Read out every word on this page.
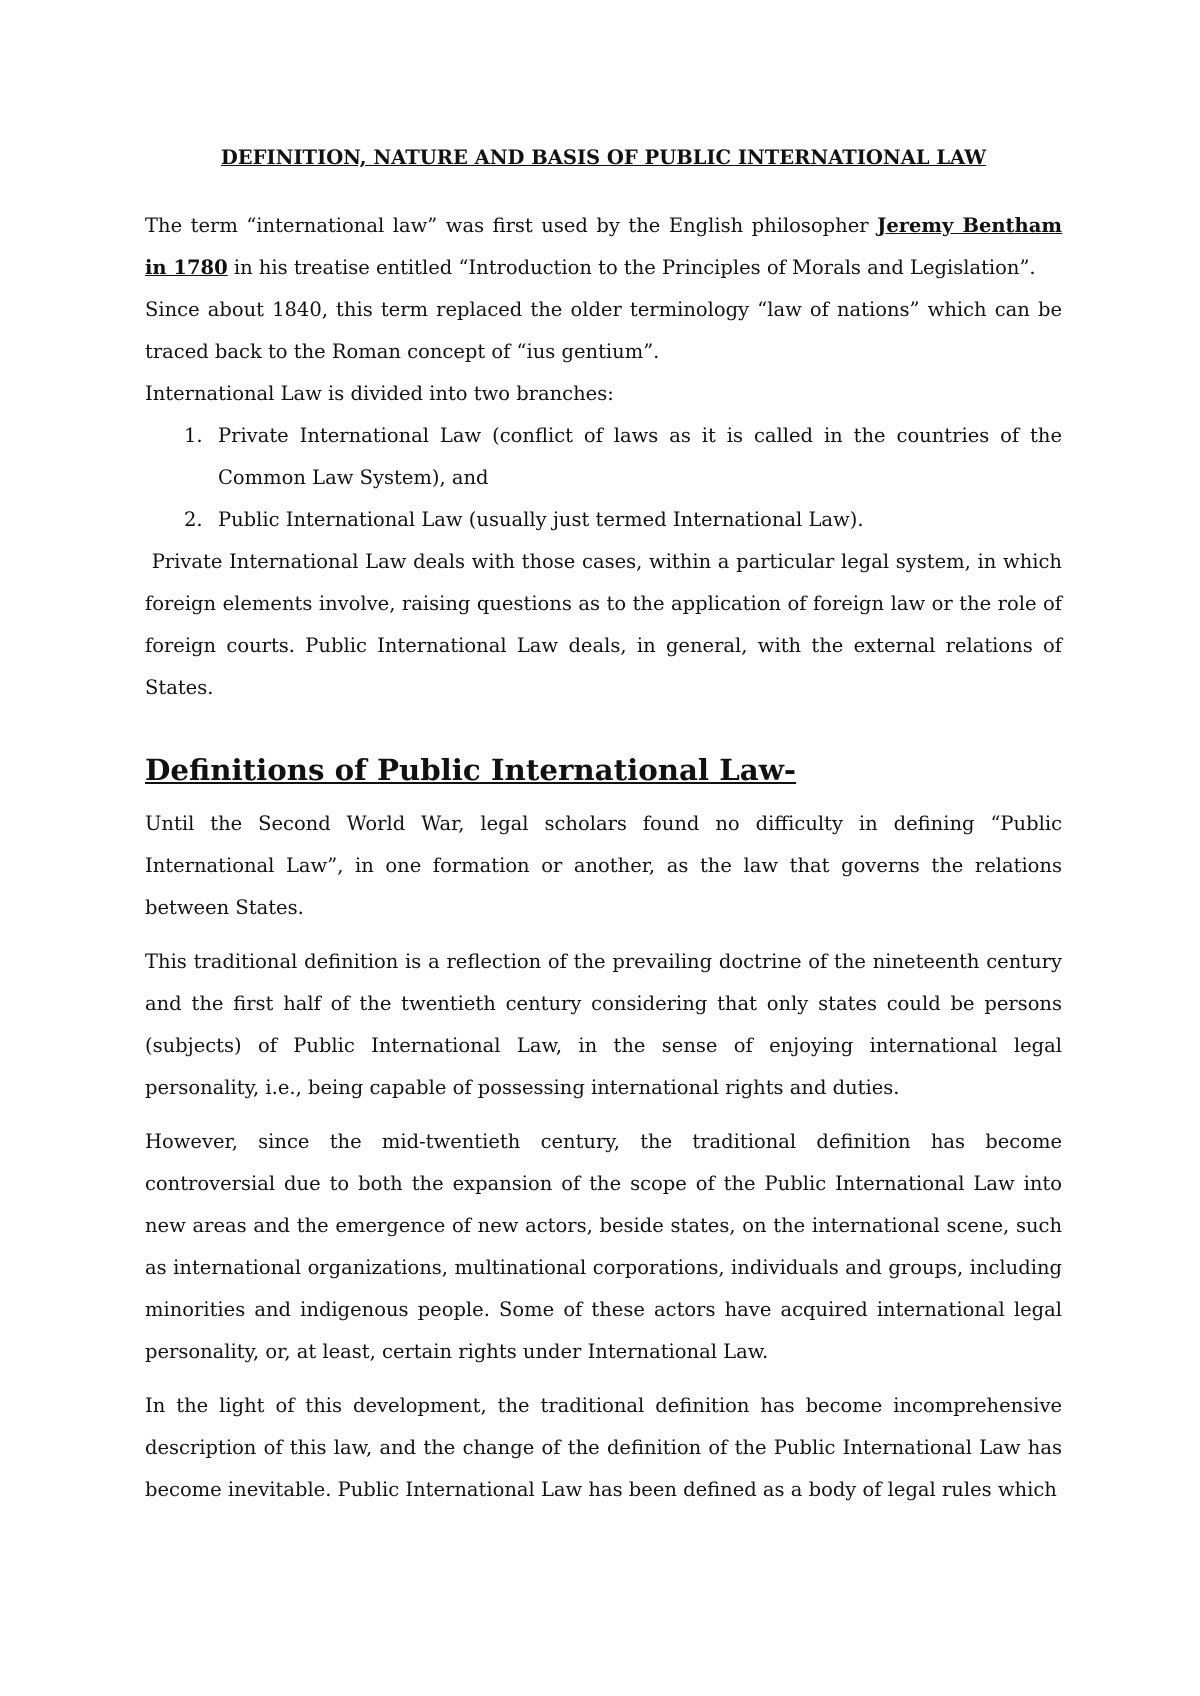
DEFINITION, NATURE AND BASIS OF PUBLIC INTERNATIONAL LAW

The term “international law” was first used by the English philosopher Jeremy Bentham in 1780 in his treatise entitled “Introduction to the Principles of Morals and Legislation”.

Since about 1840, this term replaced the older terminology “law of nations” which can be traced back to the Roman concept of “ius gentium”.

International Law is divided into two branches:

1. Private International Law (conflict of laws as it is called in the countries of the Common Law System), and
2. Public International Law (usually just termed International Law).

Private International Law deals with those cases, within a particular legal system, in which foreign elements involve, raising questions as to the application of foreign law or the role of foreign courts. Public International Law deals, in general, with the external relations of States.

Definitions of Public International Law-

Until the Second World War, legal scholars found no difficulty in defining “Public International Law”, in one formation or another, as the law that governs the relations between States.

This traditional definition is a reflection of the prevailing doctrine of the nineteenth century and the first half of the twentieth century considering that only states could be persons (subjects) of Public International Law, in the sense of enjoying international legal personality, i.e., being capable of possessing international rights and duties.

However, since the mid-twentieth century, the traditional definition has become controversial due to both the expansion of the scope of the Public International Law into new areas and the emergence of new actors, beside states, on the international scene, such as international organizations, multinational corporations, individuals and groups, including minorities and indigenous people. Some of these actors have acquired international legal personality, or, at least, certain rights under International Law.

In the light of this development, the traditional definition has become incomprehensive description of this law, and the change of the definition of the Public International Law has become inevitable. Public International Law has been defined as a body of legal rules which
